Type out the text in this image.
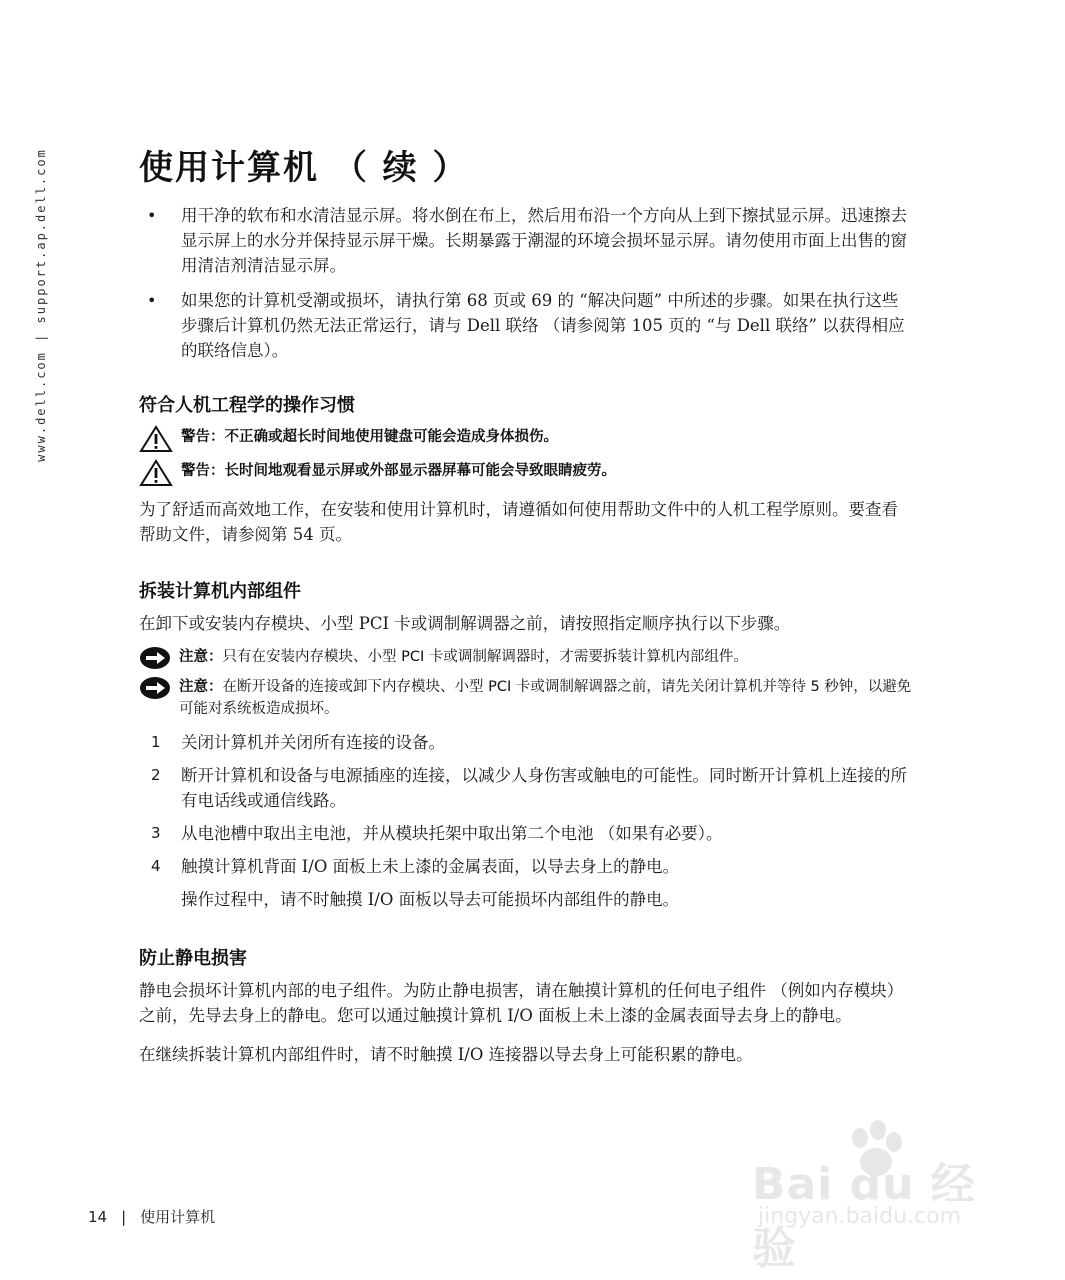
www.dell.com | support.ap.dell.com	使用计算机 （ 续 ）
•	用干净的软布和水清洁显示屏。将水倒在布上，然后用布沿一个方向从上到下擦拭显示屏。迅速擦去显示屏上的水分并保持显示屏干燥。长期暴露于潮湿的环境会损坏显示屏。请勿使用市面上出售的窗用清洁剂清洁显示屏。

•	如果您的计算机受潮或损坏，请执行第 68 页或 69 的 “解决问题” 中所述的步骤。如果在执行这些步骤后计算机仍然无法正常运行，请与 Dell 联络 （请参阅第 105 页的 “与 Dell 联络” 以获得相应的联络信息）。

符合人机工程学的操作习惯
警告：不正确或超长时间地使用键盘可能会造成身体损伤。
警告：长时间地观看显示屏或外部显示器屏幕可能会导致眼睛疲劳。

为了舒适而高效地工作，在安装和使用计算机时，请遵循如何使用帮助文件中的人机工程学原则。要查看帮助文件，请参阅第 54 页。

拆装计算机内部组件

在卸下或安装内存模块、小型 PCI 卡或调制解调器之前，请按照指定顺序执行以下步骤。

注意：只有在安装内存模块、小型 PCI 卡或调制解调器时，才需要拆装计算机内部组件。
注意：在断开设备的连接或卸下内存模块、小型 PCI 卡或调制解调器之前，请先关闭计算机并等待 5 秒钟，以避免可能对系统板造成损坏。
1	关闭计算机并关闭所有连接的设备。

2	断开计算机和设备与电源插座的连接，以减少人身伤害或触电的可能性。同时断开计算机上连接的所有电话线或通信线路。

3	从电池槽中取出主电池，并从模块托架中取出第二个电池 （如果有必要）。

4	触摸计算机背面 I/O 面板上未上漆的金属表面，以导去身上的静电。

操作过程中，请不时触摸 I/O 面板以导去可能损坏内部组件的静电。

防止静电损害

静电会损坏计算机内部的电子组件。为防止静电损害，请在触摸计算机的任何电子组件 （例如内存模块）之前，先导去身上的静电。您可以通过触摸计算机 I/O 面板上未上漆的金属表面导去身上的静电。

在继续拆装计算机内部组件时，请不时触摸 I/O 连接器以导去身上可能积累的静电。

14 | 使用计算机
Bai du 经验
jingyan.baidu.com
